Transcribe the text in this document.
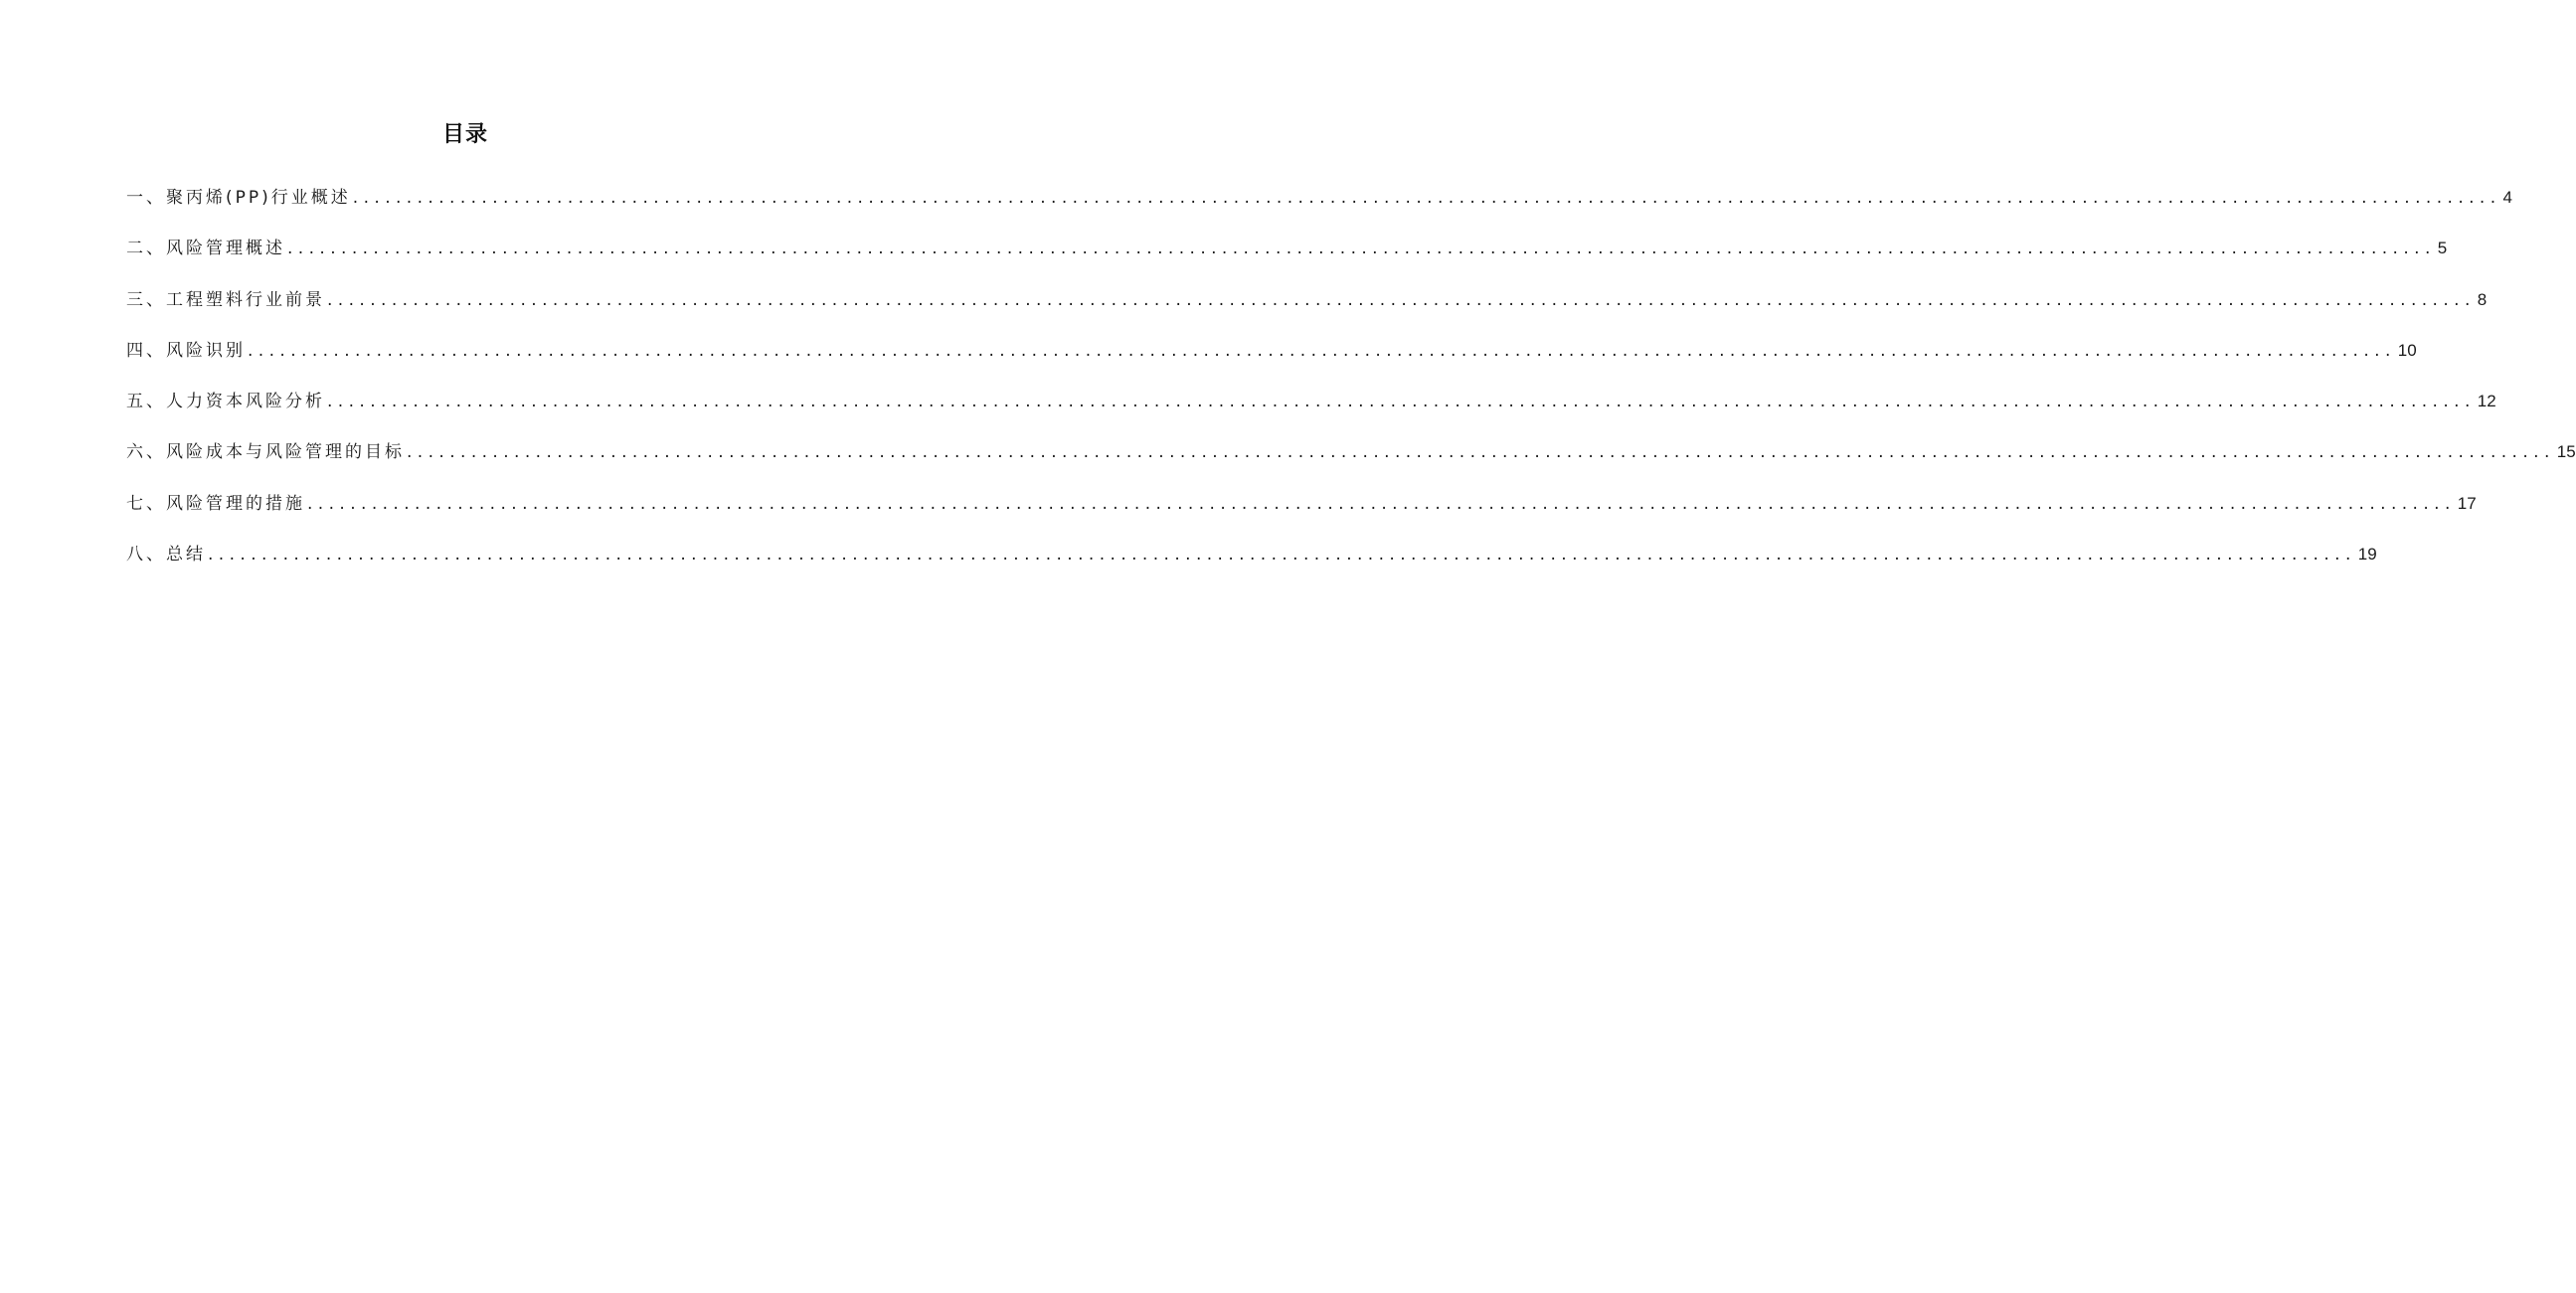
目录
一、聚丙烯(PP)行业概述 ........................................................................................................................................................................................................ 4
二、风险管理概述 ........................................................................................................................................................................................................ 5
三、工程塑料行业前景 ........................................................................................................................................................................................................ 8
四、风险识别 ........................................................................................................................................................................................................ 10
五、人力资本风险分析 ........................................................................................................................................................................................................ 12
六、风险成本与风险管理的目标 ........................................................................................................................................................................................................ 15
七、风险管理的措施 ........................................................................................................................................................................................................ 17
八、总结 ........................................................................................................................................................................................................ 19
